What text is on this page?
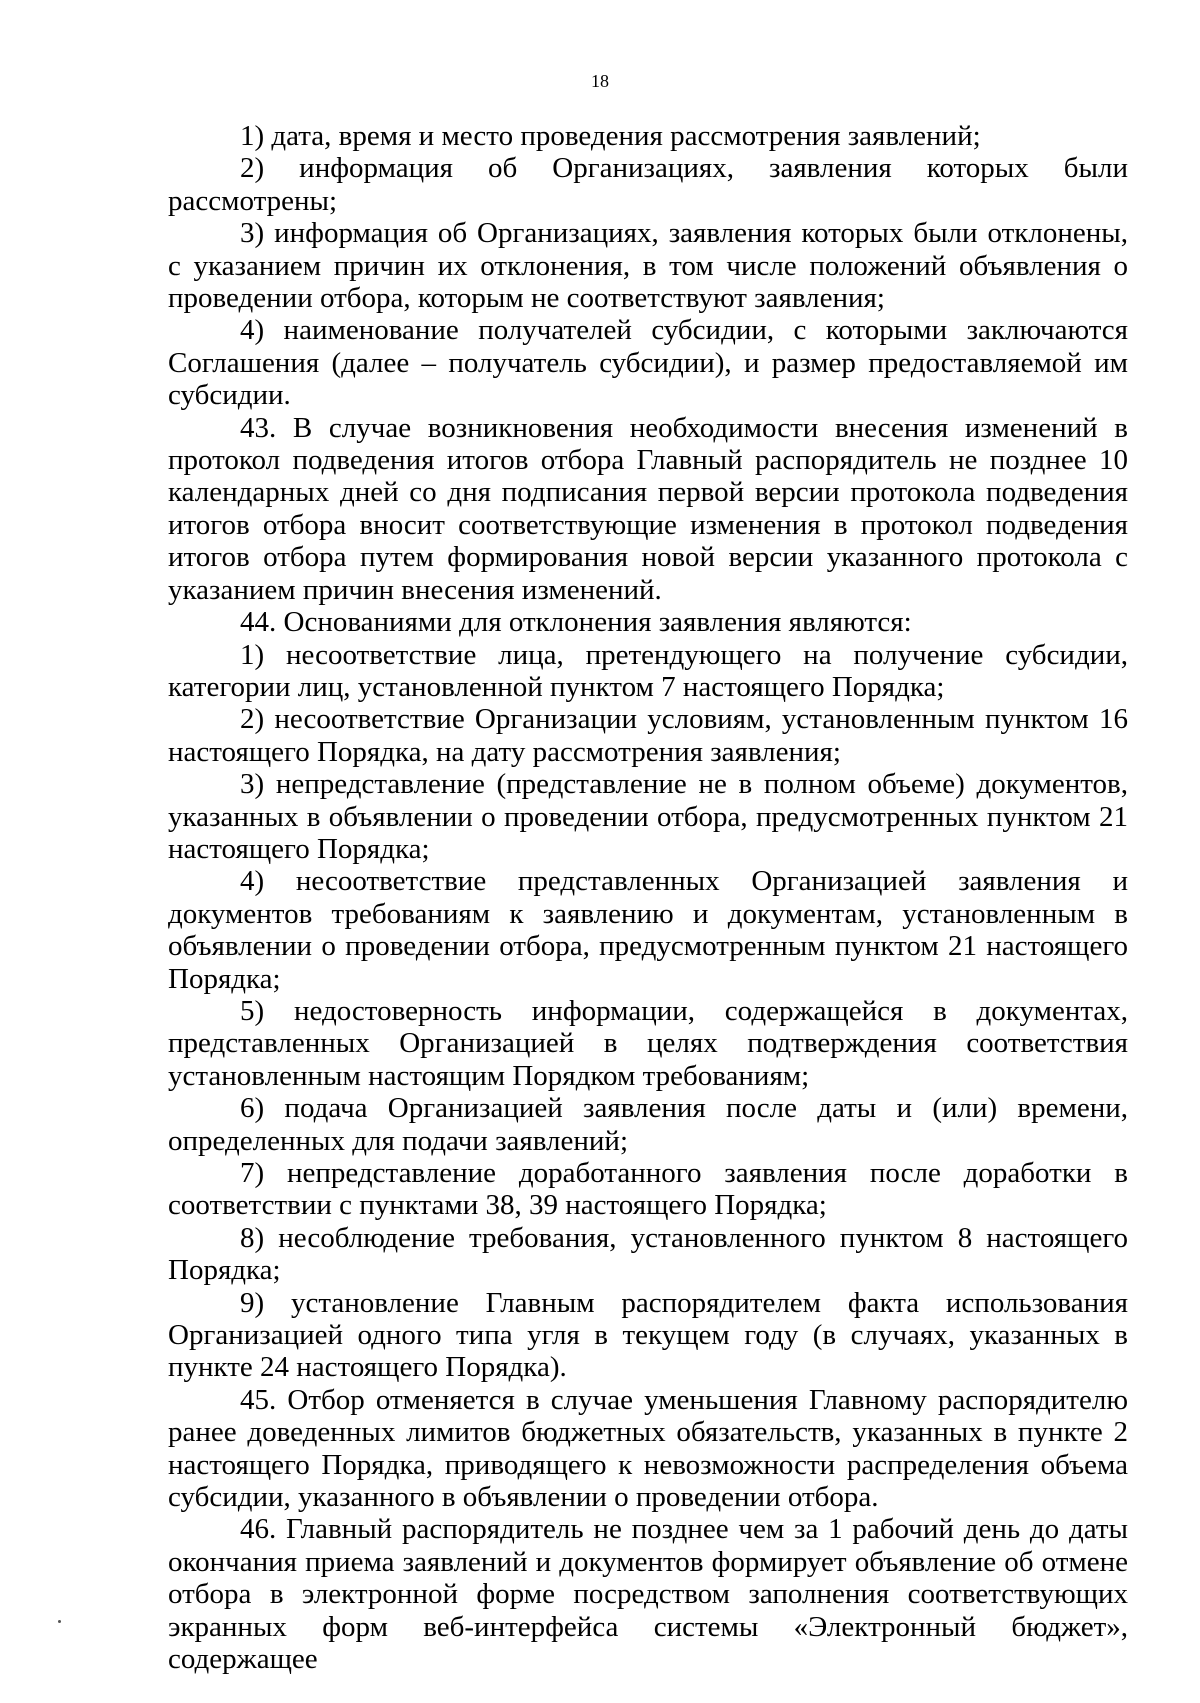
18

1) дата, время и место проведения рассмотрения заявлений;

2) информация об Организациях, заявления которых были рассмотрены;

3) информация об Организациях, заявления которых были отклонены, с указанием причин их отклонения, в том числе положений объявления о проведении отбора, которым не соответствуют заявления;

4) наименование получателей субсидии, с которыми заключаются Соглашения (далее – получатель субсидии), и размер предоставляемой им субсидии.

43. В случае возникновения необходимости внесения изменений в протокол подведения итогов отбора Главный распорядитель не позднее 10 календарных дней со дня подписания первой версии протокола подведения итогов отбора вносит соответствующие изменения в протокол подведения итогов отбора путем формирования новой версии указанного протокола с указанием причин внесения изменений.

44. Основаниями для отклонения заявления являются:

1) несоответствие лица, претендующего на получение субсидии, категории лиц, установленной пунктом 7 настоящего Порядка;

2) несоответствие Организации условиям, установленным пунктом 16 настоящего Порядка, на дату рассмотрения заявления;

3) непредставление (представление не в полном объеме) документов, указанных в объявлении о проведении отбора, предусмотренных пунктом 21 настоящего Порядка;

4) несоответствие представленных Организацией заявления и документов требованиям к заявлению и документам, установленным в объявлении о проведении отбора, предусмотренным пунктом 21 настоящего Порядка;

5) недостоверность информации, содержащейся в документах, представленных Организацией в целях подтверждения соответствия установленным настоящим Порядком требованиям;

6) подача Организацией заявления после даты и (или) времени, определенных для подачи заявлений;

7) непредставление доработанного заявления после доработки в соответствии с пунктами 38, 39 настоящего Порядка;

8) несоблюдение требования, установленного пунктом 8 настоящего Порядка;

9) установление Главным распорядителем факта использования Организацией одного типа угля в текущем году (в случаях, указанных в пункте 24 настоящего Порядка).

45. Отбор отменяется в случае уменьшения Главному распорядителю ранее доведенных лимитов бюджетных обязательств, указанных в пункте 2 настоящего Порядка, приводящего к невозможности распределения объема субсидии, указанного в объявлении о проведении отбора.

46. Главный распорядитель не позднее чем за 1 рабочий день до даты окончания приема заявлений и документов формирует объявление об отмене отбора в электронной форме посредством заполнения соответствующих экранных форм веб-интерфейса системы «Электронный бюджет», содержащее
